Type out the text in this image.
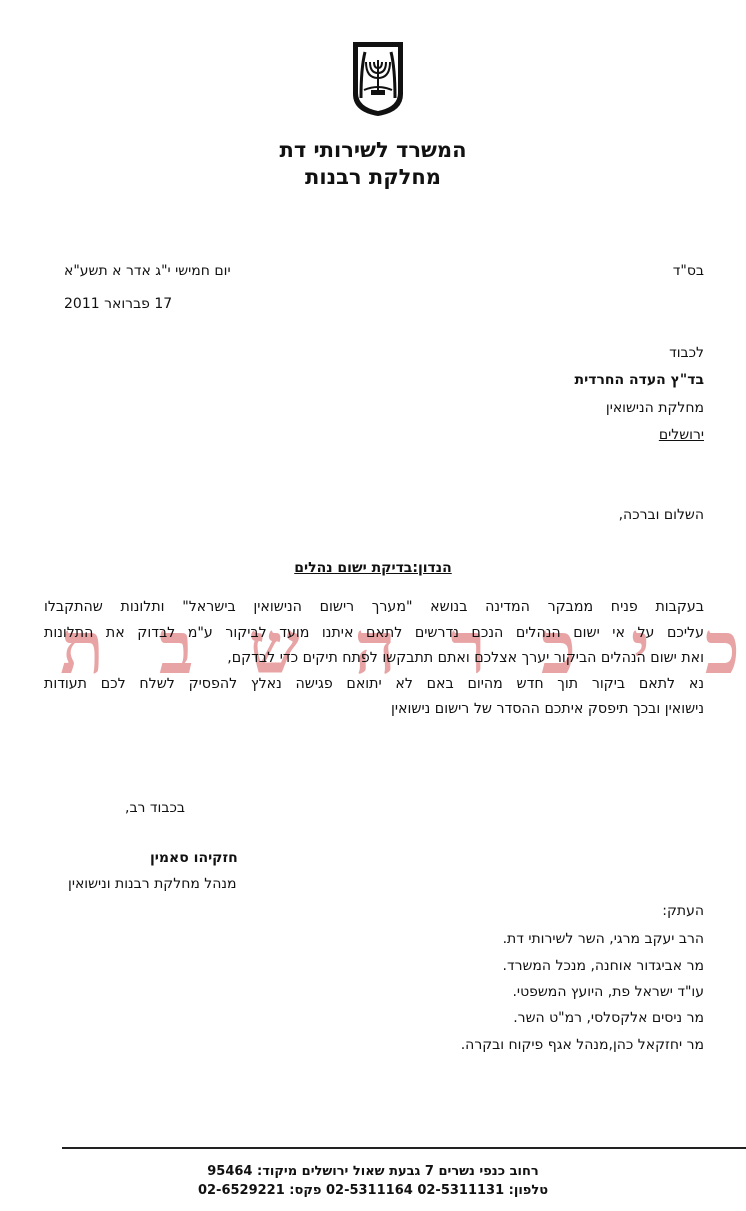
המשרד לשירותי דת
מחלקת רבנות
בס"ד
יום חמישי י"ג אדר א תשע"א
17 פברואר 2011
לכבוד
בד"ץ העדה החרדית
מחלקת הנישואין
ירושלים
השלום וברכה,
הנדון:בדיקת ישום נהלים
כ
י
כ
ר
ה
ש
ב
ת

בעקבות פניח ממבקר המדינה בנושא "מערך רישום הנישואין בישראל" ותלונות שהתקבלו

עליכם על אי ישום הנהלים הנכם נדרשים לתאם איתנו מועד לביקור ע"מ לבדוק את התלונות

ואת ישום הנהלים הביקור יערך אצלכם ואתם תתבקשו לפתח תיקים כדי לבדקם,

נא לתאם ביקור תוך חדש מהיום באם לא יתואם פגישה נאלץ להפסיק לשלח לכם תעודות

נישואין ובכך תיפסק איתכם ההסדר של רישום נישואין

בכבוד רב,
חזקיהו סאמין
מנהל מחלקת רבנות ונישואין
העתק:
הרב יעקב מרגי, השר לשירותי דת.
מר אביגדור אוחנה, מנכל המשרד.
עו"ד ישראל פת, היועץ המשפטי.
מר ניסים אלקסלסי, רמ"ט השר.
מר יחזקאל כהן,מנהל אגף פיקוח ובקרה.
רחוב כנפי נשרים 7 גבעת שאול ירושלים מיקוד: 95464
טלפון: 02-5311131 02-5311164 פקס: 02-6529221
